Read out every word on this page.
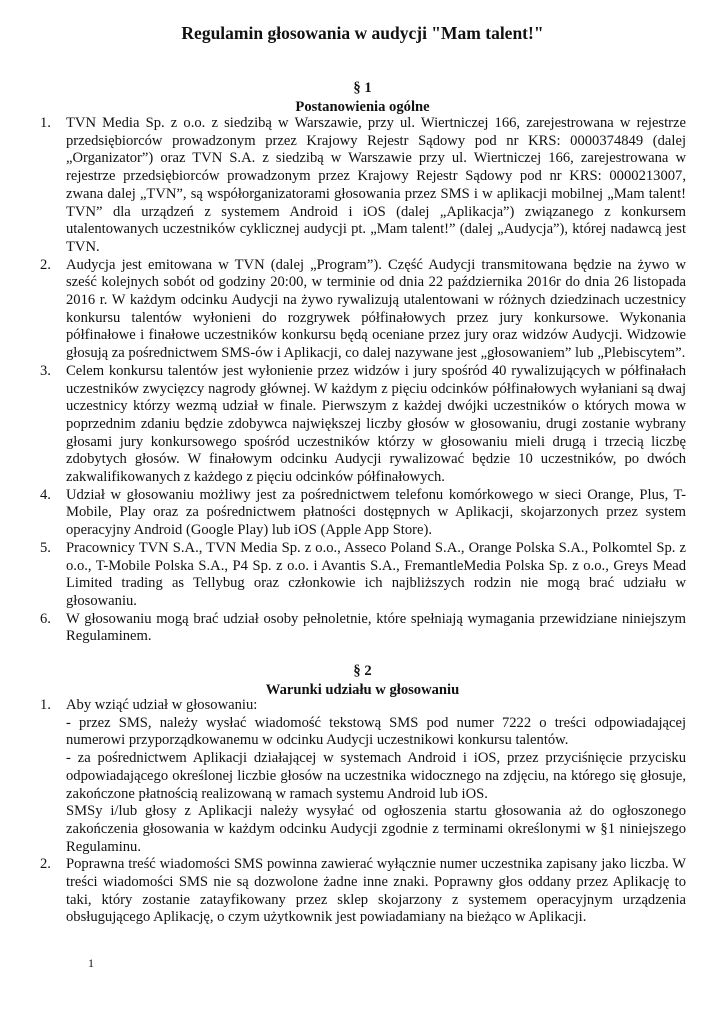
Regulamin głosowania w audycji "Mam talent!"
§ 1
Postanowienia ogólne
1. TVN Media Sp. z o.o. z siedzibą w Warszawie, przy ul. Wiertniczej 166, zarejestrowana w rejestrze przedsiębiorców prowadzonym przez Krajowy Rejestr Sądowy pod nr KRS: 0000374849 (dalej „Organizator”) oraz TVN S.A. z siedzibą w Warszawie przy ul. Wiertniczej 166, zarejestrowana w rejestrze przedsiębiorców prowadzonym przez Krajowy Rejestr Sądowy pod nr KRS: 0000213007, zwana dalej „TVN”, są współorganizatorami głosowania przez SMS i w aplikacji mobilnej „Mam talent! TVN” dla urządzeń z systemem Android i iOS (dalej „Aplikacja”) związanego z konkursem utalentowanych uczestników cyklicznej audycji pt. „Mam talent!” (dalej „Audycja”), której nadawcą jest TVN.
2. Audycja jest emitowana w TVN (dalej „Program”). Część Audycji transmitowana będzie na żywo w sześć kolejnych sobót od godziny 20:00, w terminie od dnia 22 października 2016r do dnia 26 listopada 2016 r. W każdym odcinku Audycji na żywo rywalizują utalentowani w różnych dziedzinach uczestnicy konkursu talentów wyłonieni do rozgrywek półfinałowych przez jury konkursowe. Wykonania półfinałowe i finałowe uczestników konkursu będą oceniane przez jury oraz widzów Audycji. Widzowie głosują za pośrednictwem SMS-ów i Aplikacji, co dalej nazywane jest „głosowaniem” lub „Plebiscytem”.
3. Celem konkursu talentów jest wyłonienie przez widzów i jury spośród 40 rywalizujących w półfinałach uczestników zwycięzcy nagrody głównej. W każdym z pięciu odcinków półfinałowych wyłaniani są dwaj uczestnicy którzy wezmą udział w finale. Pierwszym z każdej dwójki uczestników o których mowa w poprzednim zdaniu będzie zdobywca największej liczby głosów w głosowaniu, drugi zostanie wybrany głosami jury konkursowego spośród uczestników którzy w głosowaniu mieli drugą i trzecią liczbę zdobytych głosów. W finałowym odcinku Audycji rywalizować będzie 10 uczestników, po dwóch zakwalifikowanych z każdego z pięciu odcinków półfinałowych.
4. Udział w głosowaniu możliwy jest za pośrednictwem telefonu komórkowego w sieci Orange, Plus, T-Mobile, Play oraz za pośrednictwem płatności dostępnych w Aplikacji, skojarzonych przez system operacyjny Android (Google Play) lub iOS (Apple App Store).
5. Pracownicy TVN S.A., TVN Media Sp. z o.o., Asseco Poland S.A., Orange Polska S.A., Polkomtel Sp. z o.o., T-Mobile Polska S.A., P4 Sp. z o.o. i Avantis S.A., FremantleMedia Polska Sp. z o.o., Greys Mead Limited trading as Tellybug oraz członkowie ich najbliższych rodzin nie mogą brać udziału w głosowaniu.
6. W głosowaniu mogą brać udział osoby pełnoletnie, które spełniają wymagania przewidziane niniejszym Regulaminem.
§ 2
Warunki udziału w głosowaniu
1. Aby wziąć udział w głosowaniu:
- przez SMS, należy wysłać wiadomość tekstową SMS pod numer 7222 o treści odpowiadającej numerowi przyporządkowanemu w odcinku Audycji uczestnikowi konkursu talentów.
- za pośrednictwem Aplikacji działającej w systemach Android i iOS, przez przyciśnięcie przycisku odpowiadającego określonej liczbie głosów na uczestnika widocznego na zdjęciu, na którego się głosuje, zakończone płatnością realizowaną w ramach systemu Android lub iOS.
SMSy i/lub głosy z Aplikacji należy wysyłać od ogłoszenia startu głosowania aż do ogłoszonego zakończenia głosowania w każdym odcinku Audycji zgodnie z terminami określonymi w §1 niniejszego Regulaminu.
2. Poprawna treść wiadomości SMS powinna zawierać wyłącznie numer uczestnika zapisany jako liczba. W treści wiadomości SMS nie są dozwolone żadne inne znaki. Poprawny głos oddany przez Aplikację to taki, który zostanie zatayfikowany przez sklep skojarzony z systemem operacyjnym urządzenia obsługującego Aplikację, o czym użytkownik jest powiadamiany na bieżąco w Aplikacji.
1
